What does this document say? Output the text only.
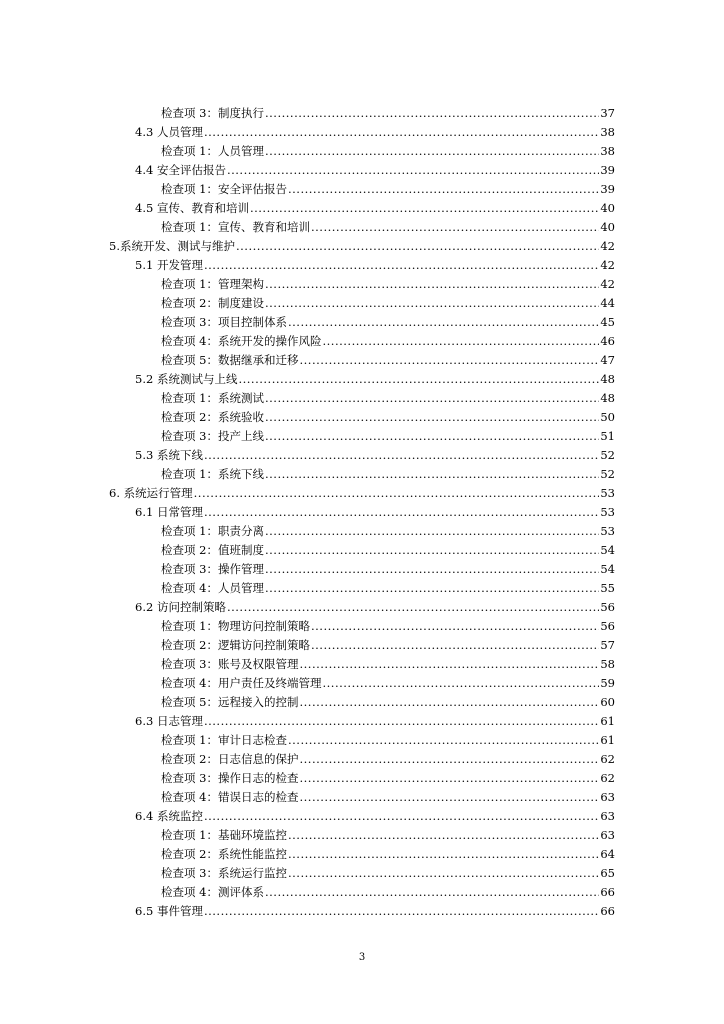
检查项 3：制度执行 .....	37
4.3 人员管理 .....	38
检查项 1：人员管理 .....	38
4.4 安全评估报告 .....	39
检查项 1：安全评估报告 .....	39
4.5 宣传、教育和培训 .....	40
检查项 1：宣传、教育和培训 .....	40
5.系统开发、测试与维护 .....	42
5.1 开发管理 .....	42
检查项 1：管理架构 .....	42
检查项 2：制度建设 .....	44
检查项 3：项目控制体系 .....	45
检查项 4：系统开发的操作风险 .....	46
检查项 5：数据继承和迁移 .....	47
5.2 系统测试与上线 .....	48
检查项 1：系统测试 .....	48
检查项 2：系统验收 .....	50
检查项 3：投产上线 .....	51
5.3 系统下线 .....	52
检查项 1：系统下线 .....	52
6. 系统运行管理 .....	53
6.1 日常管理 .....	53
检查项 1：职责分离 .....	53
检查项 2：值班制度 .....	54
检查项 3：操作管理 .....	54
检查项 4：人员管理 .....	55
6.2 访问控制策略 .....	56
检查项 1：物理访问控制策略 .....	56
检查项 2：逻辑访问控制策略 .....	57
检查项 3：账号及权限管理 .....	58
检查项 4：用户责任及终端管理 .....	59
检查项 5：远程接入的控制 .....	60
6.3 日志管理 .....	61
检查项 1：审计日志检查 .....	61
检查项 2：日志信息的保护 .....	62
检查项 3：操作日志的检查 .....	62
检查项 4：错误日志的检查 .....	63
6.4 系统监控 .....	63
检查项 1：基础环境监控 .....	63
检查项 2：系统性能监控 .....	64
检查项 3：系统运行监控 .....	65
检查项 4：测评体系 .....	66
6.5 事件管理 .....	66
3
